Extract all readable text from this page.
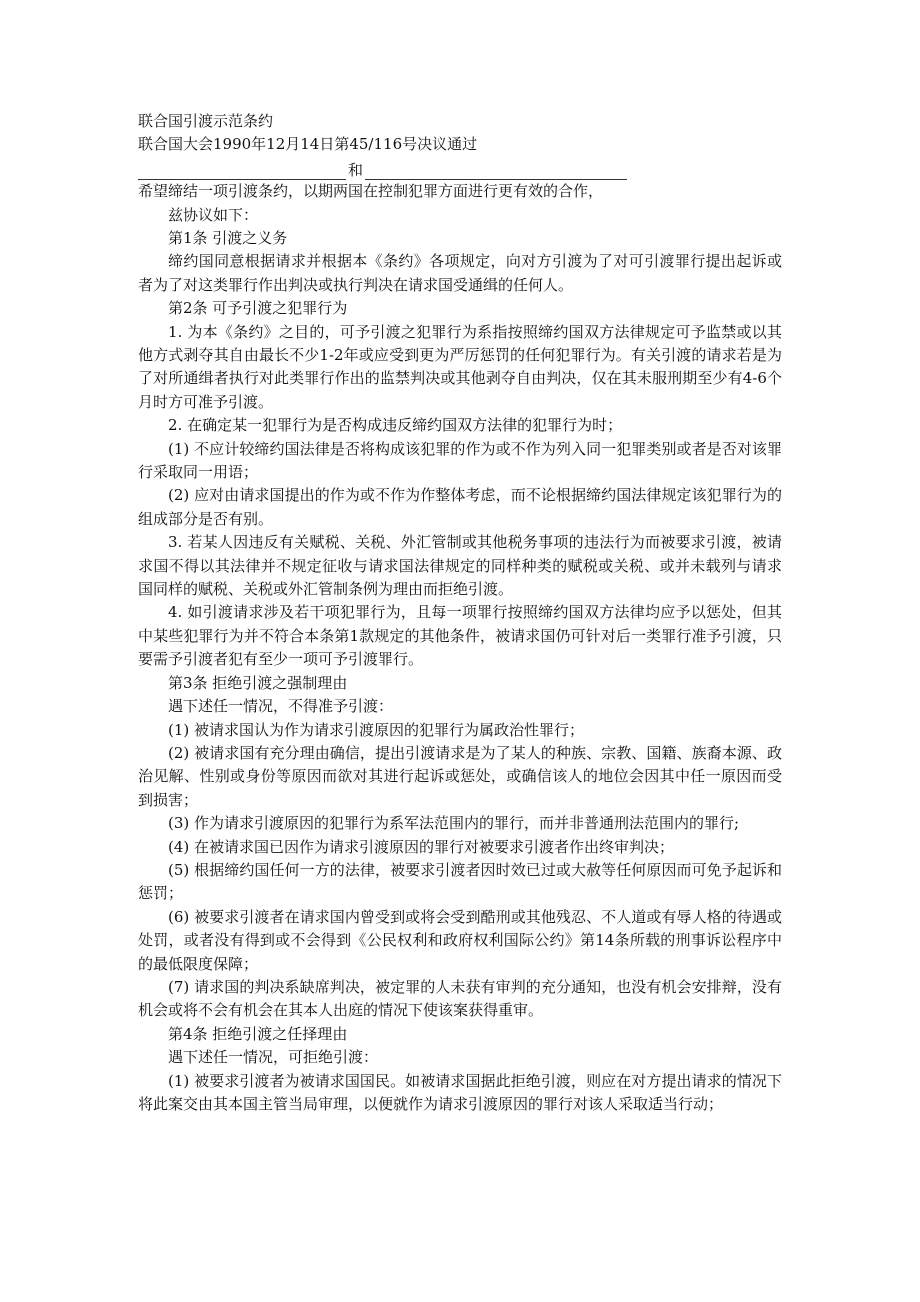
联合国引渡示范条约
联合国大会1990年12月14日第45/116号决议通过
和
希望缔结一项引渡条约，以期两国在控制犯罪方面进行更有效的合作，
兹协议如下：
第1条 引渡之义务
缔约国同意根据请求并根据本《条约》各项规定，向对方引渡为了对可引渡罪行提出起诉或者为了对这类罪行作出判决或执行判决在请求国受通缉的任何人。
第2条 可予引渡之犯罪行为
1. 为本《条约》之目的，可予引渡之犯罪行为系指按照缔约国双方法律规定可予监禁或以其他方式剥夺其自由最长不少1-2年或应受到更为严厉惩罚的任何犯罪行为。有关引渡的请求若是为了对所通缉者执行对此类罪行作出的监禁判决或其他剥夺自由判决，仅在其未服刑期至少有4-6个月时方可准予引渡。
2. 在确定某一犯罪行为是否构成违反缔约国双方法律的犯罪行为时；
(1) 不应计较缔约国法律是否将构成该犯罪的作为或不作为列入同一犯罪类别或者是否对该罪行采取同一用语；
(2) 应对由请求国提出的作为或不作为作整体考虑，而不论根据缔约国法律规定该犯罪行为的组成部分是否有别。
3. 若某人因违反有关赋税、关税、外汇管制或其他税务事项的违法行为而被要求引渡，被请求国不得以其法律并不规定征收与请求国法律规定的同样种类的赋税或关税、或并未载列与请求国同样的赋税、关税或外汇管制条例为理由而拒绝引渡。
4. 如引渡请求涉及若干项犯罪行为，且每一项罪行按照缔约国双方法律均应予以惩处，但其中某些犯罪行为并不符合本条第1款规定的其他条件，被请求国仍可针对后一类罪行准予引渡，只要需予引渡者犯有至少一项可予引渡罪行。
第3条 拒绝引渡之强制理由
遇下述任一情况，不得准予引渡：
(1) 被请求国认为作为请求引渡原因的犯罪行为属政治性罪行；
(2) 被请求国有充分理由确信，提出引渡请求是为了某人的种族、宗教、国籍、族裔本源、政治见解、性别或身份等原因而欲对其进行起诉或惩处，或确信该人的地位会因其中任一原因而受到损害；
(3) 作为请求引渡原因的犯罪行为系军法范围内的罪行，而并非普通刑法范围内的罪行;
(4) 在被请求国已因作为请求引渡原因的罪行对被要求引渡者作出终审判决；
(5) 根据缔约国任何一方的法律，被要求引渡者因时效已过或大赦等任何原因而可免予起诉和惩罚；
(6) 被要求引渡者在请求国内曾受到或将会受到酷刑或其他残忍、不人道或有辱人格的待遇或处罚，或者没有得到或不会得到《公民权利和政府权利国际公约》第14条所载的刑事诉讼程序中的最低限度保障；
(7) 请求国的判决系缺席判决，被定罪的人未获有审判的充分通知，也没有机会安排辩，没有机会或将不会有机会在其本人出庭的情况下使该案获得重审。
第4条 拒绝引渡之任择理由
遇下述任一情况，可拒绝引渡：
(1) 被要求引渡者为被请求国国民。如被请求国据此拒绝引渡，则应在对方提出请求的情况下将此案交由其本国主管当局审理，以便就作为请求引渡原因的罪行对该人采取适当行动；
